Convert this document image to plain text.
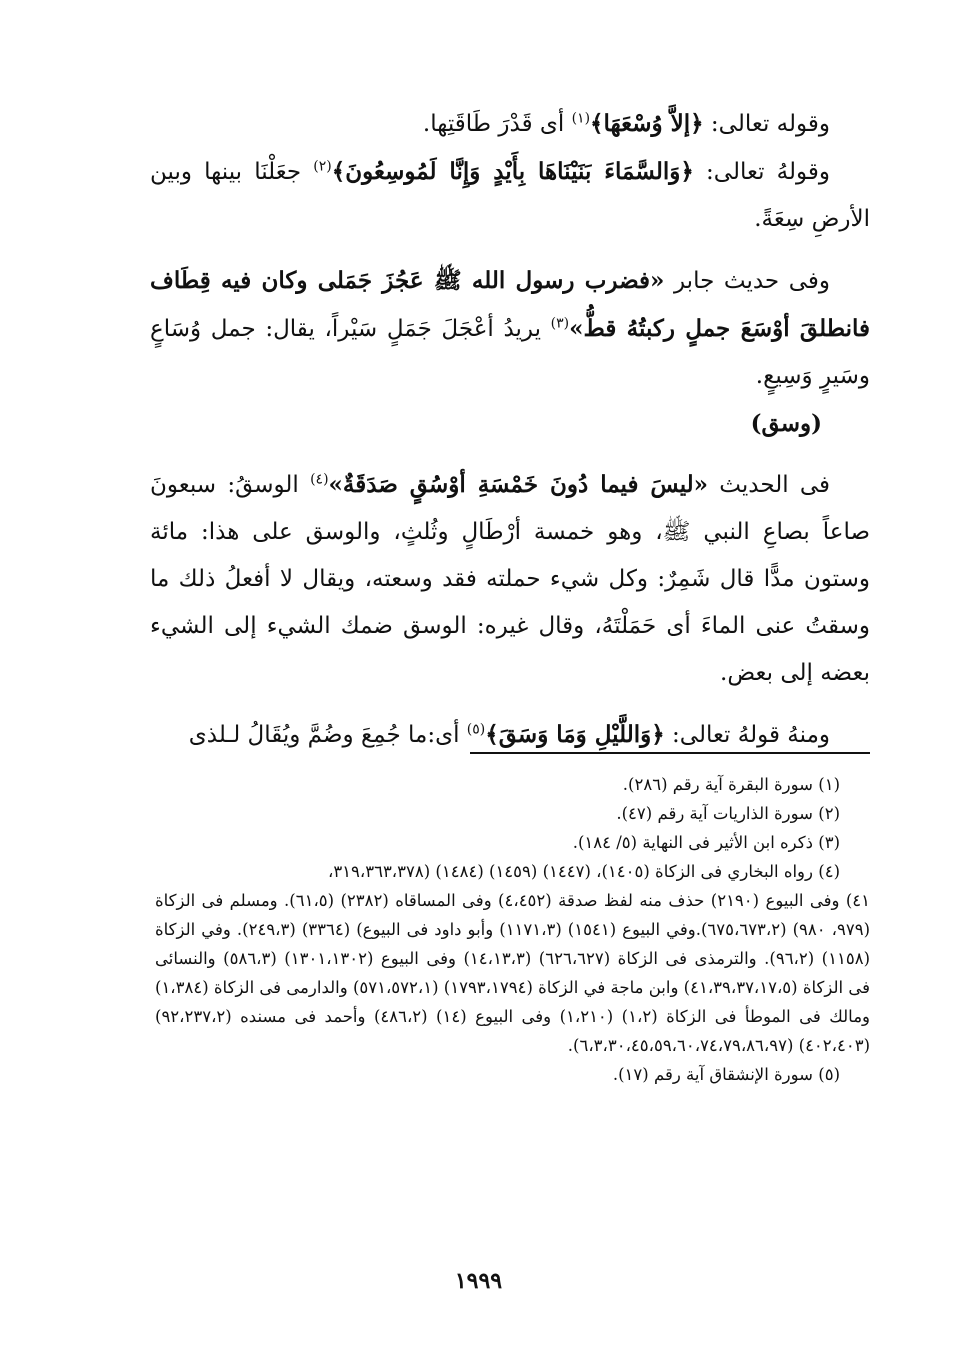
وقوله تعالى: ﴿إلاَّ وُسْعَهَا﴾$^{(١)}$ أى قَدْرَ طَاقَتِها.

وقولهُ تعالى: ﴿وَالسَّمَاءَ بَنَيْنَاهَا بِأَيْدٍ وَإِنَّا لَمُوسِعُونَ﴾$^{(٢)}$ جعَلْنَا بينها وبين الأرضِ سِعَةً.

وفى حديث جابر «فضرب رسول الله ﷺ عَجُزَ جَمَلى وكان فيه قِطَاف فانطلقَ أوْسَعَ جملٍ ركبتُهُ قطُّ»$^{(٣)}$ يريدُ أعْجَلَ جَمَلٍ سَيْراً، يقال: جمل وُسَاعٍ وسَيرٍ وَسِيعٍ.

(وسق)

فى الحديث «ليسَ فيما دُونَ خَمْسَةِ أوْسُقٍ صَدَقَةٌ»$^{(٤)}$ الوسقُ: سبعونَ صاعاً بصاعِ النبي ﷺ، وهو خمسة أرْطَالٍ وثُلثٍ، والوسق على هذا: مائة وستون مدًّا قال شَمِرٌ: وكل شيء حملته فقد وسعته، ويقال لا أفعلُ ذلك ما وسقتُ عنى الماءَ أى حَمَلْتَهُ، وقال غيره: الوسق ضمك الشيء إلى الشيء بعضه إلى بعض.

ومنهُ قولهُ تعالى: ﴿وَاللَّيْلِ وَمَا وَسَقَ﴾$^{(٥)}$ أى:ما جُمِعَ وضُمَّ ويُقَالُ لـلذى

(١) سورة البقرة آية رقم (٢٨٦).

(٢) سورة الذاريات آية رقم (٤٧).

(٣) ذكره ابن الأثير فى النهاية (٥/ ١٨٤).

(٤) رواه البخاري فى الزكاة (١٤٠٥)، (١٤٤٧) (١٤٥٩) (١٤٨٤) (٣١٩،٣٦٣،٣٧٨،

٤١) وفى البيوع (٢١٩٠) حذف منه لفظ صدقة (٤،٤٥٢) وفى المساقاه (٢٣٨٢) (٦١،٥). ومسلم فى الزكاة (٩٧٩، ٩٨٠) (٦٧٥،٦٧٣،٢).وفي البيوع (١٥٤١) (١١٧١،٣) وأبو داود فى البيوع) (٣٣٦٤) (٢٤٩،٣). وفي الزكاة (١١٥٨) (٩٦،٢). والترمذى فى الزكاة (٦٢٦،٦٢٧) (١٤،١٣،٣) وفى البيوع (١٣٠١،١٣٠٢) (٥٨٦،٣) والنسائى فى الزكاة (٤١،٣٩،٣٧،١٧،٥) وابن ماجة في الزكاة (١٧٩٣،١٧٩٤) (٥٧١،٥٧٢،١) والدارمى فى الزكاة (١،٣٨٤) ومالك فى الموطأ فى الزكاة (١،٢) (١،٢١٠) وفى البيوع (١٤) (٤٨٦،٢) وأحمد فى مسنده (٩٢،٢٣٧،٢) (٤٠٢،٤٠٣) (٦،٣،٣٠،٤٥،٥٩،٦٠،٧٤،٧٩،٨٦،٩٧).

(٥) سورة الإنشقاق آية رقم (١٧).

١٩٩٩
